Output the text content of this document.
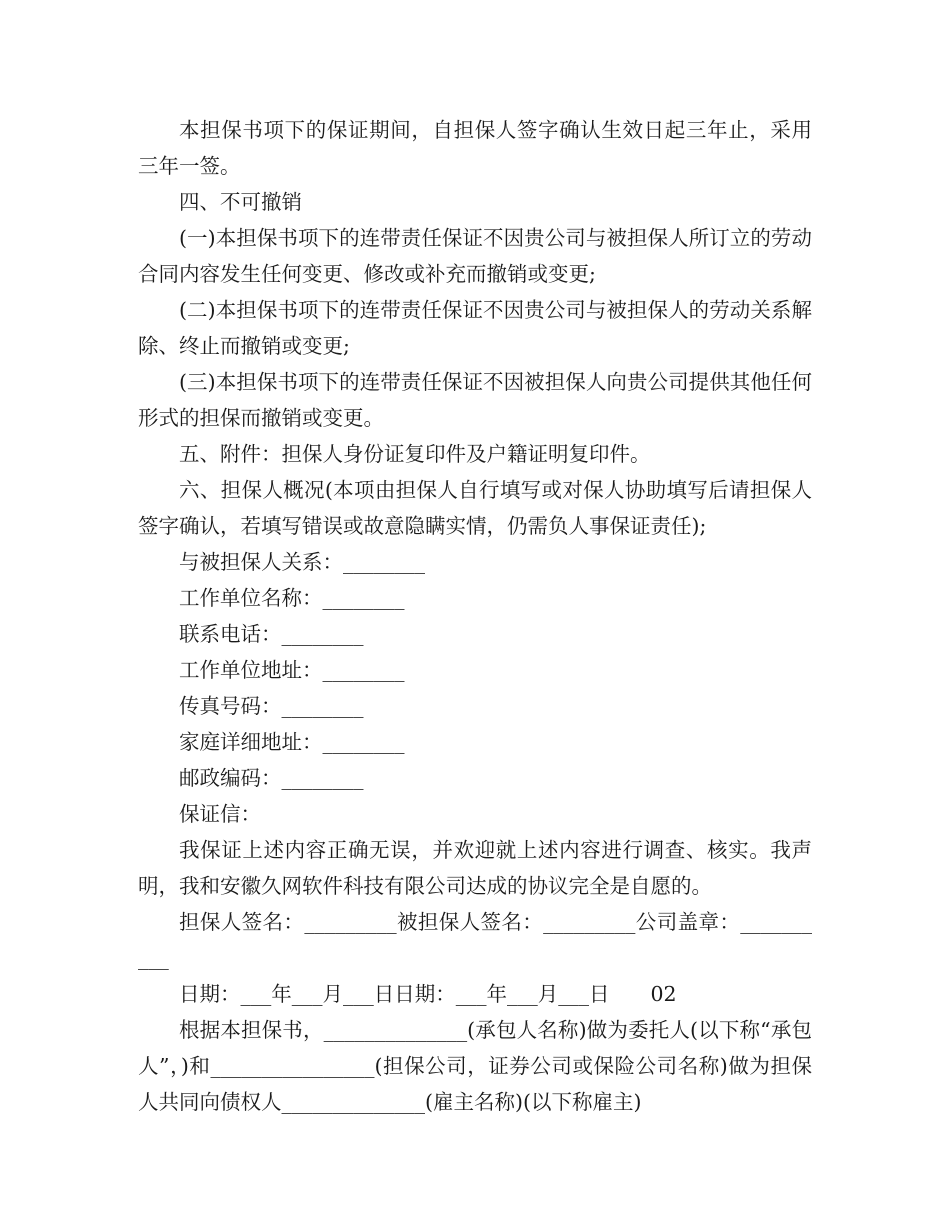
本担保书项下的保证期间，自担保人签字确认生效日起三年止，采用三年一签。

四、不可撤销

(一)本担保书项下的连带责任保证不因贵公司与被担保人所订立的劳动合同内容发生任何变更、修改或补充而撤销或变更;

(二)本担保书项下的连带责任保证不因贵公司与被担保人的劳动关系解除、终止而撤销或变更;

(三)本担保书项下的连带责任保证不因被担保人向贵公司提供其他任何形式的担保而撤销或变更。

五、附件：担保人身份证复印件及户籍证明复印件。

六、担保人概况(本项由担保人自行填写或对保人协助填写后请担保人签字确认，若填写错误或故意隐瞒实情，仍需负人事保证责任);

与被担保人关系：________

工作单位名称：________

联系电话：________

工作单位地址：________

传真号码：________

家庭详细地址：________

邮政编码：________

保证信：

我保证上述内容正确无误，并欢迎就上述内容进行调查、核实。我声明，我和安徽久网软件科技有限公司达成的协议完全是自愿的。

担保人签名：_________被担保人签名：_________公司盖章：__________

日期：___年___月___日日期：___年___月___日　　02

根据本担保书，______________(承包人名称)做为委托人(以下称“承包人”，)和________________(担保公司，证券公司或保险公司名称)做为担保人共同向债权人______________(雇主名称)(以下称雇主)
